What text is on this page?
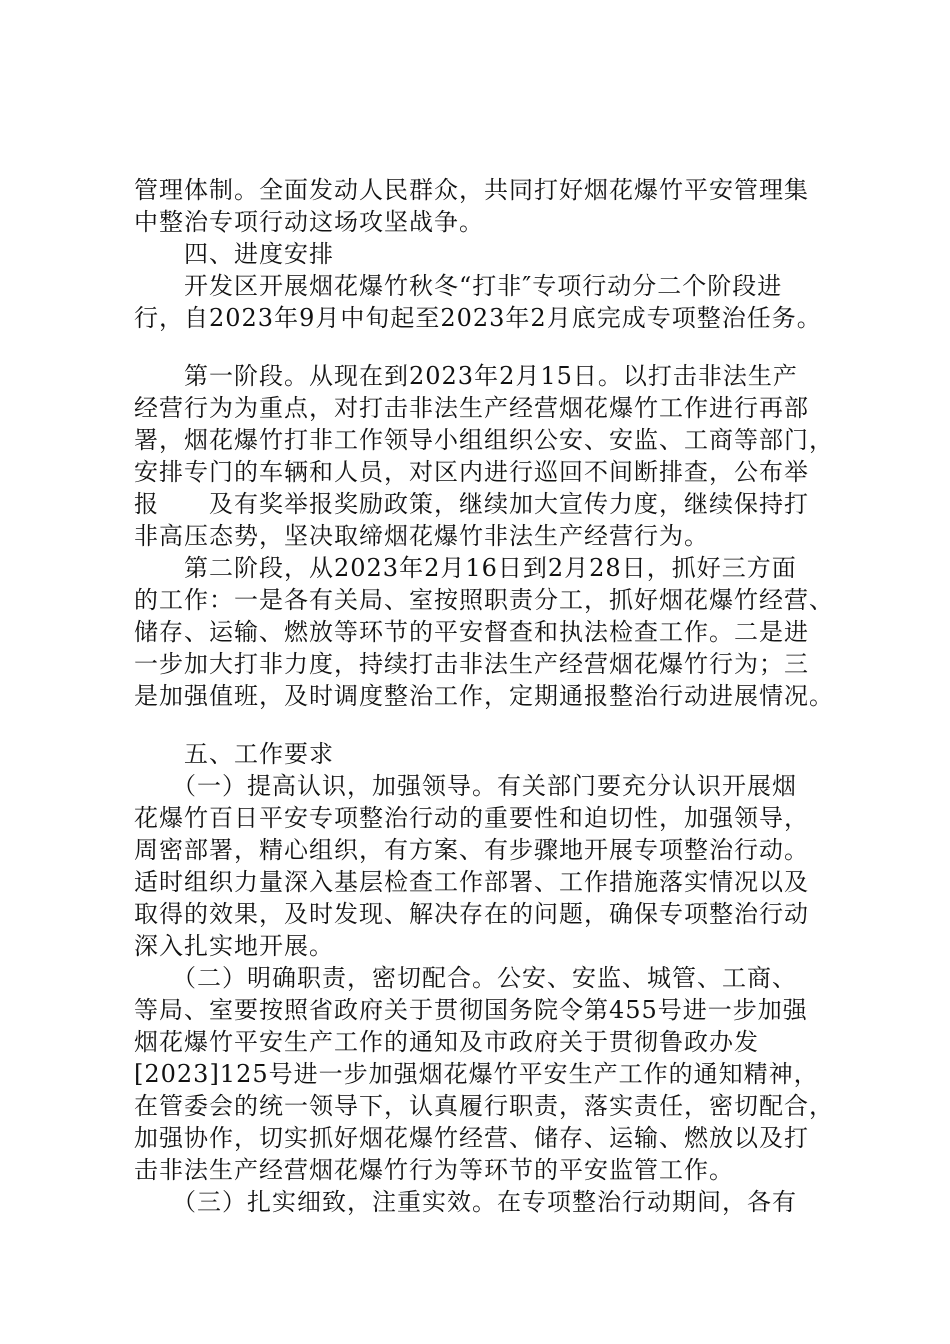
管理体制。全面发动人民群众，共同打好烟花爆竹平安管理集
中整治专项行动这场攻坚战争。
　　四、进度安排
　　开发区开展烟花爆竹秋冬“打非″专项行动分二个阶段进
行，自2023年9月中旬起至2023年2月底完成专项整治任务。
　　第一阶段。从现在到2023年2月15日。以打击非法生产
经营行为为重点，对打击非法生产经营烟花爆竹工作进行再部
署，烟花爆竹打非工作领导小组组织公安、安监、工商等部门，
安排专门的车辆和人员，对区内进行巡回不间断排查，公布举
报　　及有奖举报奖励政策，继续加大宣传力度，继续保持打
非高压态势，坚决取缔烟花爆竹非法生产经营行为。
　　第二阶段，从2023年2月16日到2月28日，抓好三方面
的工作：一是各有关局、室按照职责分工，抓好烟花爆竹经营、
储存、运输、燃放等环节的平安督查和执法检查工作。二是进
一步加大打非力度，持续打击非法生产经营烟花爆竹行为；三
是加强值班，及时调度整治工作，定期通报整治行动进展情况。
　　五、工作要求
　　（一）提高认识，加强领导。有关部门要充分认识开展烟
花爆竹百日平安专项整治行动的重要性和迫切性，加强领导，
周密部署，精心组织，有方案、有步骤地开展专项整治行动。
适时组织力量深入基层检查工作部署、工作措施落实情况以及
取得的效果，及时发现、解决存在的问题，确保专项整治行动
深入扎实地开展。
　　（二）明确职责，密切配合。公安、安监、城管、工商、
等局、室要按照省政府关于贯彻国务院令第455号进一步加强
烟花爆竹平安生产工作的通知及市政府关于贯彻鲁政办发
[2023]125号进一步加强烟花爆竹平安生产工作的通知精神，
在管委会的统一领导下，认真履行职责，落实责任，密切配合，
加强协作，切实抓好烟花爆竹经营、储存、运输、燃放以及打
击非法生产经营烟花爆竹行为等环节的平安监管工作。
　　（三）扎实细致，注重实效。在专项整治行动期间，各有
